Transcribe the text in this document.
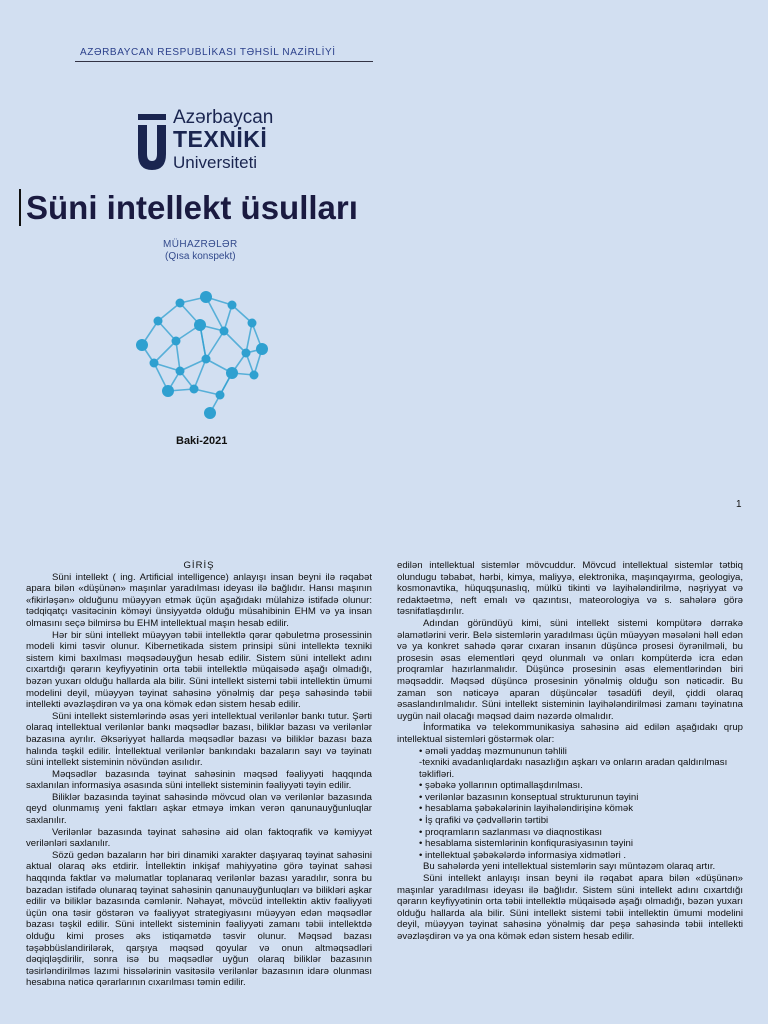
AZƏRBAYCAN RESPUBLİKASI TƏHSİL NAZİRLİYİ
Azərbaycan
TEXNİKİ
Universiteti
Süni intellekt üsulları
MÜHAZRƏLƏR
(Qısa konspekt)
Baki-2021
1

GİRİŞ

Süni intellekt ( ing. Artificial intelligence) anlayışı insan beyni ilə rəqabət apara bilən «düşünən» maşınlar yaradılması ideyası ilə bağlıdır. Hansı maşının «fikirləşən» olduğunu müəyyən etmək üçün aşağıdakı mülahizə istifadə olunur: tədqiqatçı vasitəcinin köməyi ünsiyyətdə olduğu müsahibinin EHM və ya insan olmasını seçə bilmirsə bu EHM intellektual maşın hesab edilir.

Hər bir süni intellekt müəyyən təbii intellektlə qərar qəbuletmə prosessinin modeli kimi təsvir olunur. Kibernetikada sistem prinsipi süni intellektə texniki sistem kimi baxılması məqsədəuyğun hesab edilir. Sistem süni intellekt adını cıxartdığı qərarın keyfiyyətinin orta təbii intellektlə müqaisədə aşağı olmadığı, bəzən yuxarı olduğu hallarda ala bilir. Süni intellekt sistemi təbii intellektin ümumi modelini deyil, müəyyən təyinat sahəsinə yönəlmiş dar peşə sahəsində təbii intellekti əvəzləşdirən və ya ona kömək edən sistem hesab edilir.

Süni intellekt sistemlərində əsas yeri intellektual verilənlər bankı tutur. Şərti olaraq intellektual verilənlər bankı məqsədlər bazası, biliklər bazası və verilənlər bazasına ayrılır. Əksəriyyət hallarda məqsədlər bazası və biliklər bazası baza halında təşkil edilir. İntellektual verilənlər bankındakı bazaların sayı və təyinatı süni intellekt sisteminin növündən asılıdır.

Məqsədlər bazasında təyinat sahəsinin məqsəd fəaliyyəti haqqında saxlanılan informasiya əsasında süni intellekt sisteminin fəaliyyəti təyin edilir.

Biliklər bazasında təyinat sahəsində mövcud olan və verilənlər bazasında qeyd olunmamış yeni faktları aşkar etməyə imkan verən qanunauyğunluqlar saxlanılır.

Verilənlər bazasında təyinat sahəsinə aid olan faktoqrafik və kəmiyyət verilənləri saxlanılır.

Sözü gedən bazaların hər biri dinamiki xarakter daşıyaraq təyinat sahəsini aktual olaraq əks etdirir. İntellektin inkişaf mahiyyətinə görə təyinat sahəsi haqqında faktlar və məlumatlar toplanaraq verilənlər bazası yaradılır, sonra bu bazadan istifadə olunaraq təyinat sahəsinin qanunauyğunluqları və bilikləri aşkar edilir və biliklər bazasında cəmlənir. Nəhayət, mövcüd intellektin aktiv fəaliyyəti üçün ona təsir göstərən və fəaliyyət strategiyasını müəyyən edən məqsədlər bazası təşkil edilir. Süni intellekt sisteminin fəaliyyəti zamanı təbii intellektdə olduğu kimi proses əks istiqamətdə təsvir olunur. Məqsəd bazası təşəbbüslandirilərək, qarşıya məqsəd qoyular və onun altməqsədləri dəqiqləşdirilir, sonra isə bu məqsədlər uyğun olaraq biliklər bazasının təsirləndirilməs lazımi hissələrinin vasitəsilə verilənlər bazasının idarə olunması hesabına nəticə qərarlarının cıxarılması təmin edilir.

edilən intellektual sistemlər mövcuddur. Mövcud intellektual sistemlər tətbiq olundugu təbabət, hərbi, kimya, maliyyə, elektronika, maşınqayırma, geologiya, kosmonavtika, hüquqşunaslıq, mülkü tikinti və layihələndirilmə, nəşriyyat və redaktəetmə, neft emalı və qazıntısı, mateorologiya və s. sahələrə görə təsnifatlaşdırılır.

Adından göründüyü kimi, süni intellekt sistemi kompütərə dərrakə əlamətlərini verir. Belə sistemlərin yaradılması üçün müəyyən məsələni həll edən və ya konkret sahədə qərar cıxaran insanın düşüncə prosesi öyrənilməli, bu prosesin əsas elementləri qeyd olunmalı və onları kompüterdə icra edən proqramlar hazırlanmalıdır. Düşüncə prosesinin əsas elementlərindən biri məqsəddir. Məqsəd düşüncə prosesinin yönəlmiş olduğu son nəticədir. Bu zaman son nəticəyə aparan düşüncələr təsadüfi deyil, çiddi olaraq əsaslandırılmalıdır. Süni intellekt sisteminin layihələndirilməsi zamanı təyinatına uygün nail olacağı məqsəd daim nəzərdə olmalıdır.

İnformatika və telekommunikasiya sahəsinə aid edilən aşağıdakı qrup intellektual sistemləri göstərmək olar:

• əməli yaddaş məzmununun təhlili
-texniki avadanlıqlardakı nasazlığın aşkarı və onların aradan qaldırılması təklifləri.
• şəbəkə yollarının optimallaşdırılması.
• verilənlər bazasının konseptual strukturunun təyini
• hesablama şəbəkələrinin layihələndirişinə kömək
• İş qrafiki və çədvəllərin tərtibi
• proqramların sazlanması və diaqnostikası
• hesablama sistemlərinin konfiqurasiyasının təyini
• intellektual şəbəkələrdə informasiya xidmətləri .

Bu sahələrdə yeni intellektual sistemlərin sayı müntəzəm olaraq artır.

Süni intellekt anlayışı insan beyni ilə rəqabət apara bilən «düşünən» maşınlar yaradılması ideyası ilə bağlıdır. Sistem süni intellekt adını cıxartdığı qərarın keyfiyyətinin orta təbii intellektlə müqaisədə aşağı olmadığı, bəzən yuxarı olduğu hallarda ala bilir. Süni intellekt sistemi təbii intellektin ümumi modelini deyil, müəyyən təyinat sahəsinə yönəlmiş dar peşə sahəsində təbii intellekti əvəzləşdirən və ya ona kömək edən sistem hesab edilir.
